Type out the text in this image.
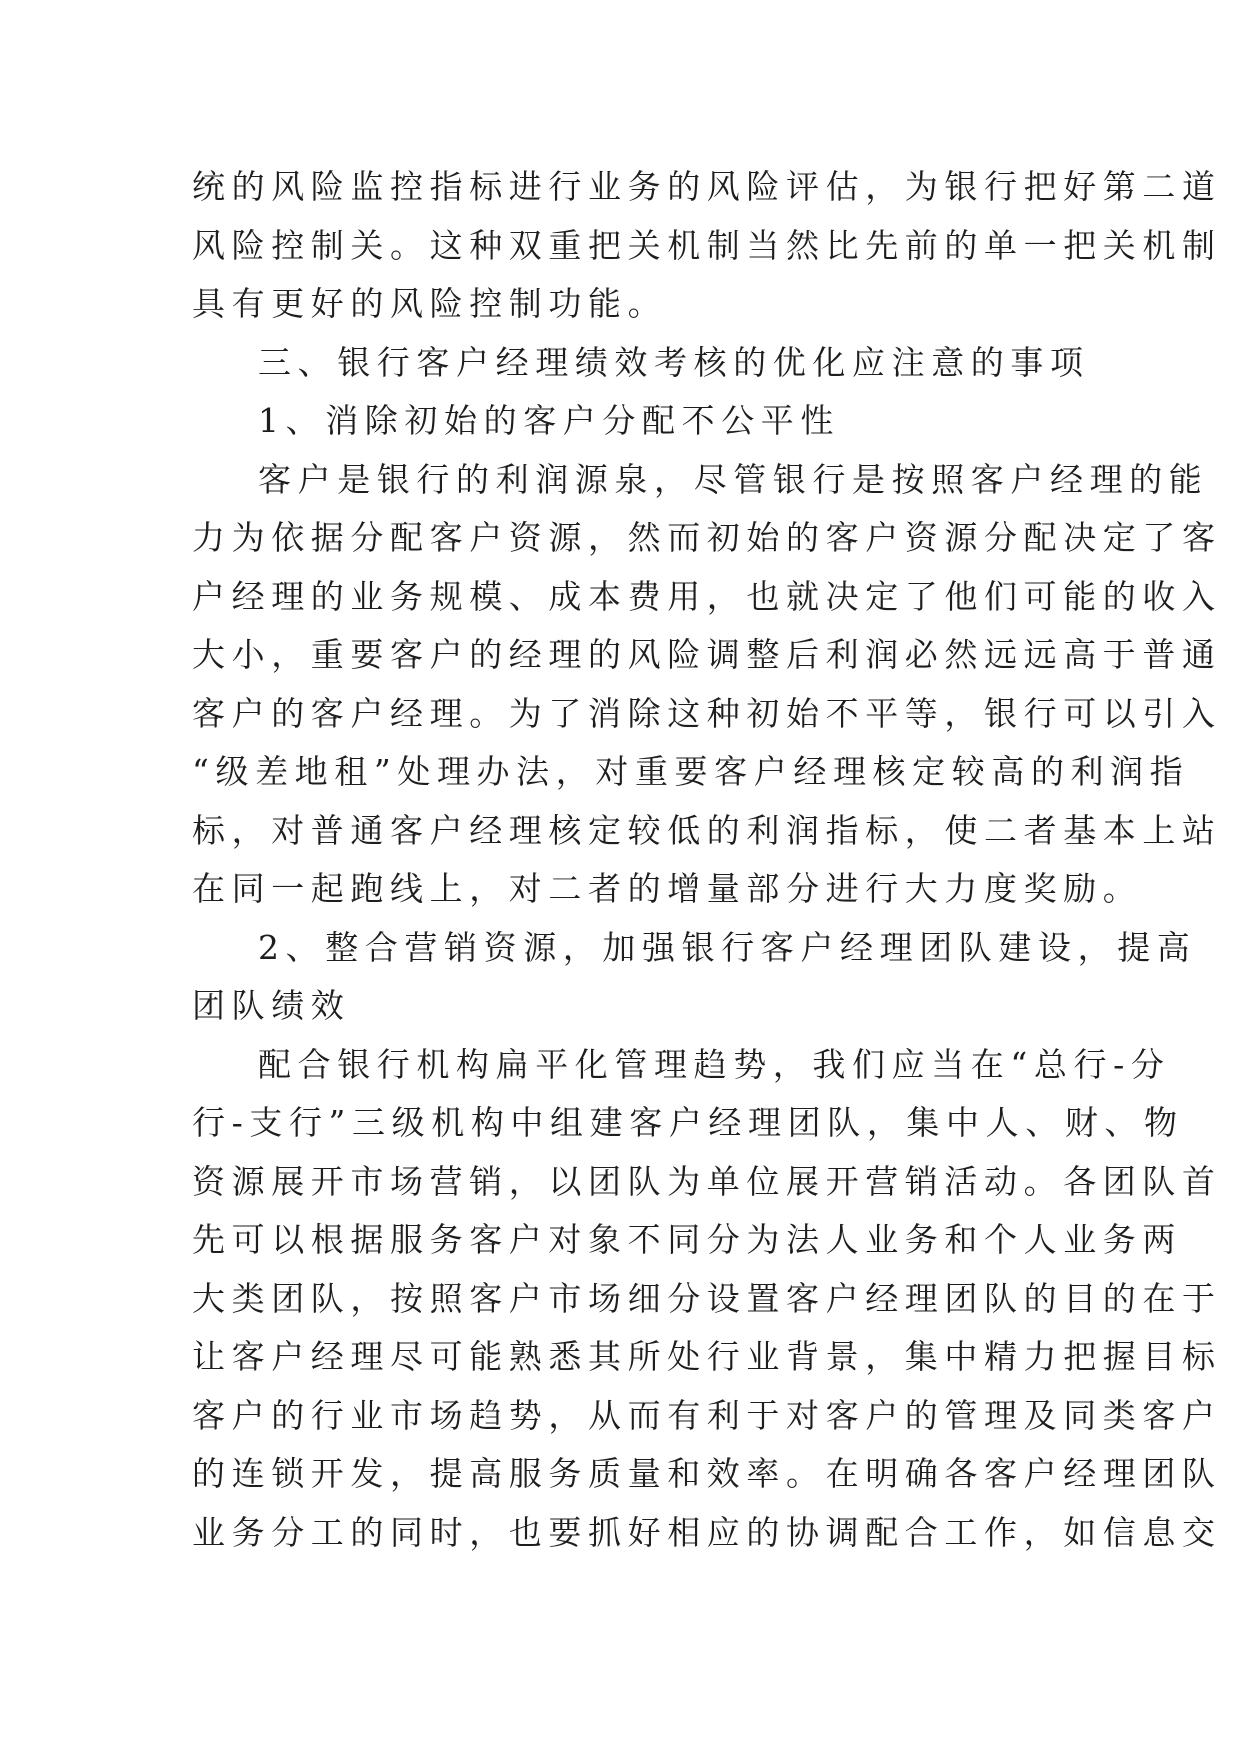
统的风险监控指标进行业务的风险评估，为银行把好第二道
风险控制关。这种双重把关机制当然比先前的单一把关机制
具有更好的风险控制功能。
三、银行客户经理绩效考核的优化应注意的事项
1、消除初始的客户分配不公平性
客户是银行的利润源泉，尽管银行是按照客户经理的能
力为依据分配客户资源，然而初始的客户资源分配决定了客
户经理的业务规模、成本费用，也就决定了他们可能的收入
大小，重要客户的经理的风险调整后利润必然远远高于普通
客户的客户经理。为了消除这种初始不平等，银行可以引入
“级差地租”处理办法，对重要客户经理核定较高的利润指
标，对普通客户经理核定较低的利润指标，使二者基本上站
在同一起跑线上，对二者的增量部分进行大力度奖励。
2、整合营销资源，加强银行客户经理团队建设，提高
团队绩效
配合银行机构扁平化管理趋势，我们应当在“总行-分
行-支行”三级机构中组建客户经理团队，集中人、财、物
资源展开市场营销，以团队为单位展开营销活动。各团队首
先可以根据服务客户对象不同分为法人业务和个人业务两
大类团队，按照客户市场细分设置客户经理团队的目的在于
让客户经理尽可能熟悉其所处行业背景，集中精力把握目标
客户的行业市场趋势，从而有利于对客户的管理及同类客户
的连锁开发，提高服务质量和效率。在明确各客户经理团队
业务分工的同时，也要抓好相应的协调配合工作，如信息交
